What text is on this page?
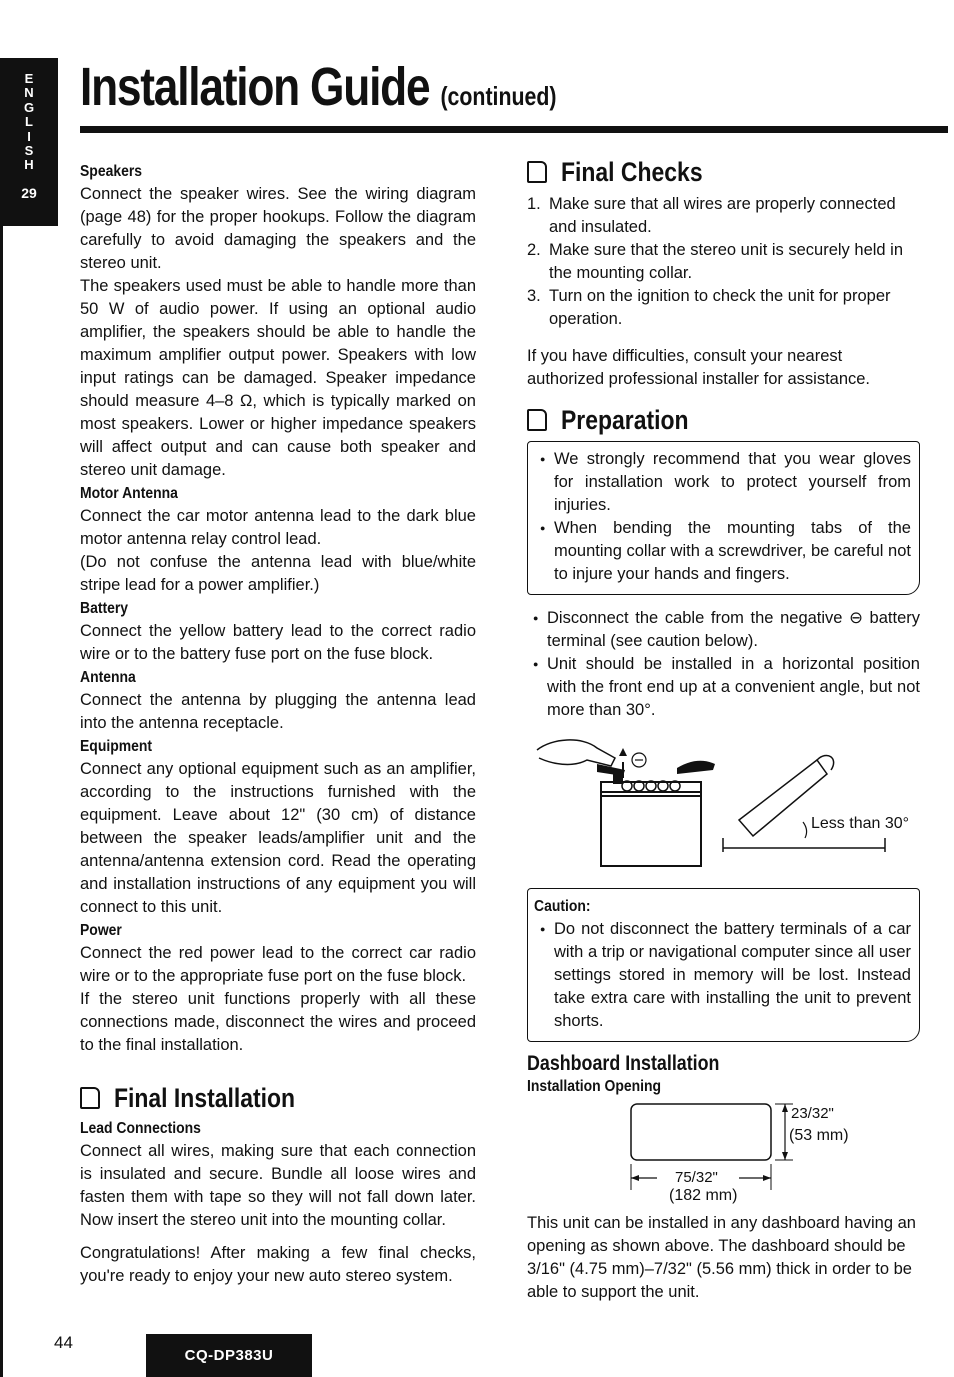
E
N
G
L
I
S
H
29
Installation Guide (continued)
Speakers

Connect the speaker wires. See the wiring diagram (page 48) for the proper hookups. Follow the diagram carefully to avoid damaging the speakers and the stereo unit.

The speakers used must be able to handle more than 50 W of audio power. If using an optional audio amplifier, the speakers should be able to handle the maximum amplifier output power. Speakers with low input ratings can be damaged. Speaker impedance should measure 4–8 Ω, which is typically marked on most speakers. Lower or higher impedance speakers will affect output and can cause both speaker and stereo unit damage.

Motor Antenna

Connect the car motor antenna lead to the dark blue motor antenna relay control lead.

(Do not confuse the antenna lead with blue/white stripe lead for a power amplifier.)

Battery

Connect the yellow battery lead to the correct radio wire or to the battery fuse port on the fuse block.

Antenna

Connect the antenna by plugging the antenna lead into the antenna receptacle.

Equipment

Connect any optional equipment such as an amplifier, according to the instructions furnished with the equipment. Leave about 12" (30 cm) of distance between the speaker leads/amplifier unit and the antenna/antenna extension cord. Read the operating and installation instructions of any equipment you will connect to this unit.

Power

Connect the red power lead to the correct car radio wire or to the appropriate fuse port on the fuse block.

If the stereo unit functions properly with all these connections made, disconnect the wires and proceed to the final installation.

Final Installation
Lead Connections

Connect all wires, making sure that each connection is insulated and secure. Bundle all loose wires and fasten them with tape so they will not fall down later. Now insert the stereo unit into the mounting collar.

Congratulations! After making a few final checks, you're ready to enjoy your new auto stereo system.

Final Checks
1. Make sure that all wires are properly connected and insulated.
2. Make sure that the stereo unit is securely held in the mounting collar.
3. Turn on the ignition to check the unit for proper operation.

If you have difficulties, consult your nearest authorized professional installer for assistance.

Preparation
● We strongly recommend that you wear gloves for installation work to protect yourself from injuries.
● When bending the mounting tabs of the mounting collar with a screwdriver, be careful not to injure your hands and fingers.
● Disconnect the cable from the negative ⊖ battery terminal (see caution below).
● Unit should be installed in a horizontal position with the front end up at a convenient angle, but not more than 30°.
Less than 30°
Caution:
● Do not disconnect the battery terminals of a car with a trip or navigational computer since all user settings stored in memory will be lost. Instead take extra care with installing the unit to prevent shorts.
Dashboard Installation
Installation Opening
23/32"
(53 mm)
75/32"
(182 mm)

This unit can be installed in any dashboard having an opening as shown above. The dashboard should be 3/16" (4.75 mm)–7/32" (5.56 mm) thick in order to be able to support the unit.

44
CQ-DP383U
